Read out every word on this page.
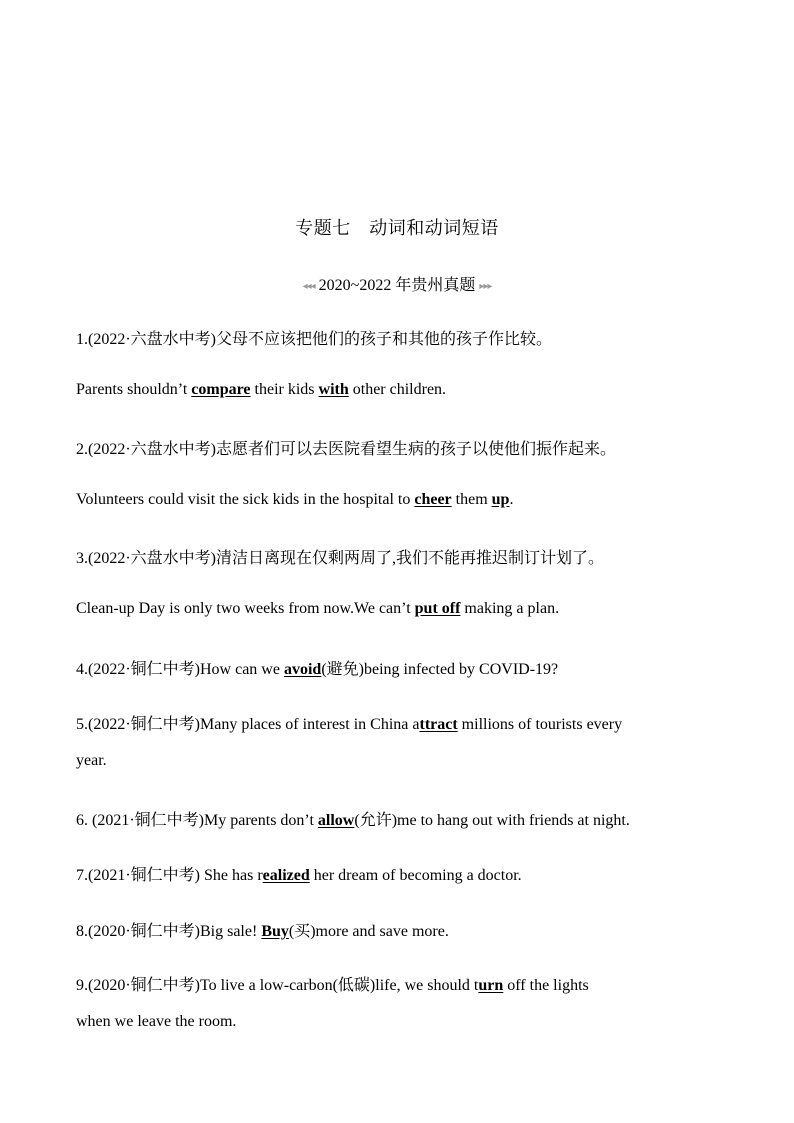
专题七　动词和动词短语
◂◂◂ 2020~2022 年贵州真题 ▸▸▸
1.(2022·六盘水中考)父母不应该把他们的孩子和其他的孩子作比较。
Parents shouldn’t compare their kids with other children.
2.(2022·六盘水中考)志愿者们可以去医院看望生病的孩子以使他们振作起来。
Volunteers could visit the sick kids in the hospital to cheer them up.
3.(2022·六盘水中考)清洁日离现在仅剩两周了,我们不能再推迟制订计划了。
Clean-up Day is only two weeks from now.We can’t put off making a plan.
4.(2022·铜仁中考)How can we avoid(避免)being infected by COVID-19?
5.(2022·铜仁中考)Many places of interest in China attract millions of tourists every
year.
6. (2021·铜仁中考)My parents don’t allow(允许)me to hang out with friends at night.
7.(2021·铜仁中考) She has realized her dream of becoming a doctor.
8.(2020·铜仁中考)Big sale! Buy(买)more and save more.
9.(2020·铜仁中考)To live a low-carbon(低碳)life, we should turn off the lights
when we leave the room.
